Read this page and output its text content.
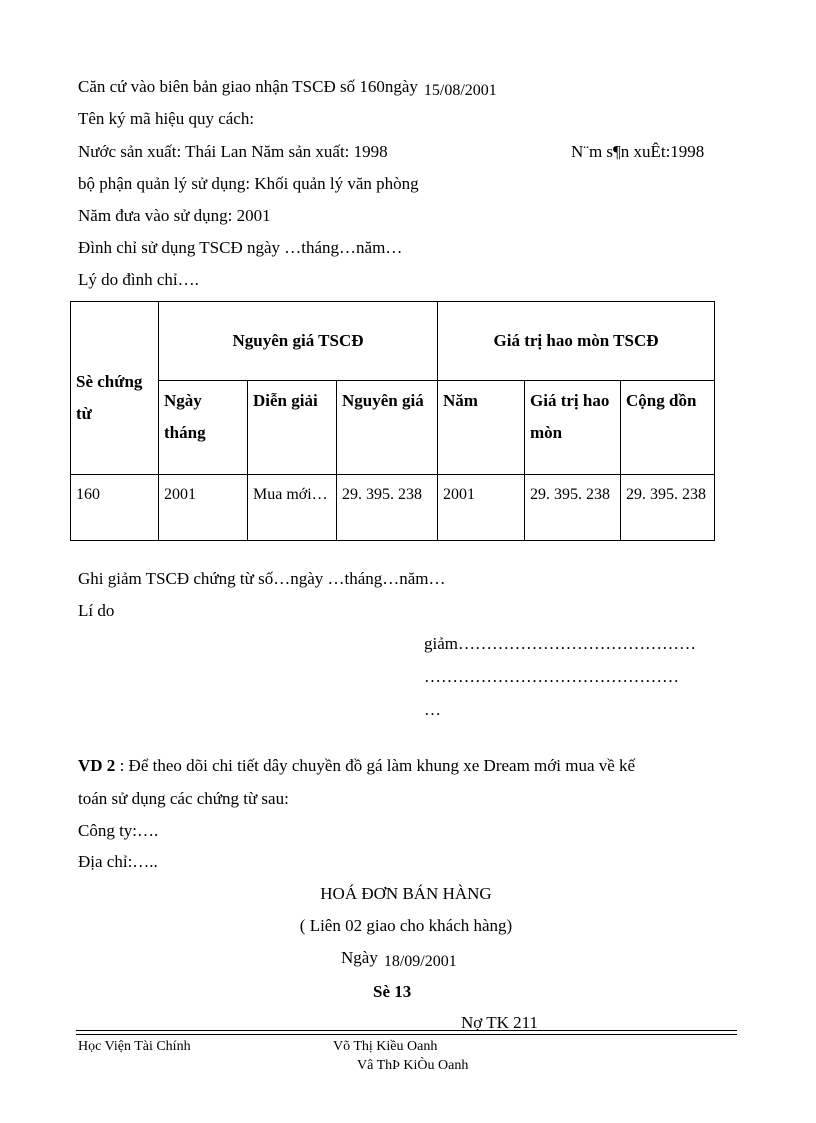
Căn cứ vào biên bản giao nhận TSCĐ số 160ngày 15/08/2001
Tên ký mã hiệu quy cách:
Nước sản xuất: Thái Lan Năm sản xuất: 1998	N¨m s¶n xuÊt:1998
bộ phận quản lý sử dụng: Khối quản lý văn phòng
Năm đưa vào sử dụng: 2001
Đình chỉ sử dụng TSCĐ ngày …tháng…năm…
Lý do đình chỉ….
Sè chứng từ	Nguyên giá TSCĐ			Giá trị hao mòn TSCĐ		
	Ngày tháng	Diễn giải	Nguyên giá	Năm	Giá trị hao mòn	Cộng dồn
160	2001	Mua mới…	29. 395. 238	2001	29. 395. 238	29. 395. 238
Ghi giảm TSCĐ chứng từ số…ngày …tháng…năm…
Lí do
giảm……………………………………
………………………………………
…
VD 2 : Để theo dõi chi tiết dây chuyền đồ gá làm khung xe Dream mới mua về kế
toán sử dụng các chứng từ sau:
Công ty:….
Địa chỉ:…..
HOÁ ĐƠN BÁN HÀNG
( Liên 02 giao cho khách hàng)
Ngày 18/09/2001
Sè 13
Nợ TK 211
Học Viện Tài Chính	Võ Thị Kiều Oanh
Vâ ThÞ KiÒu Oanh
